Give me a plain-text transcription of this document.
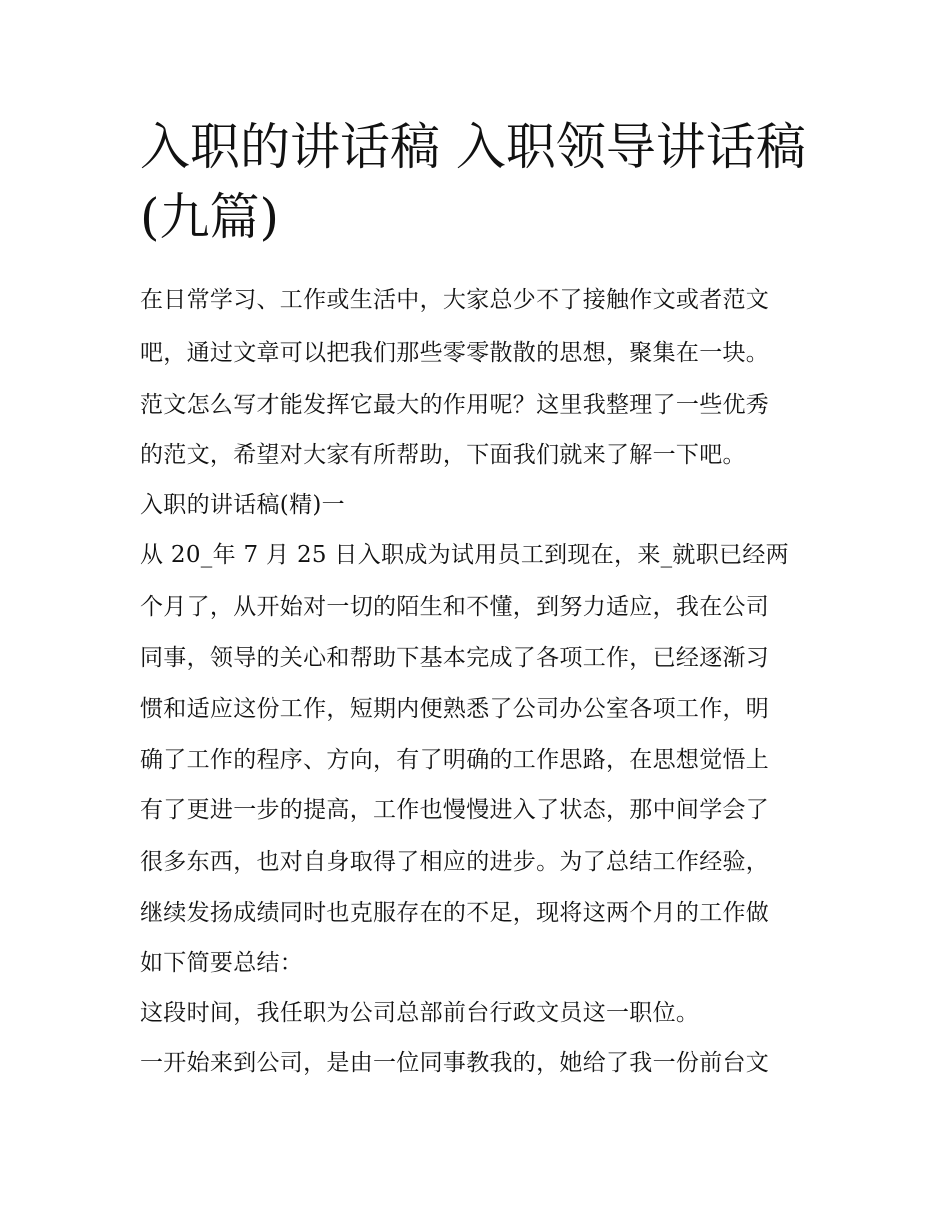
入职的讲话稿 入职领导讲话稿
(九篇)
在日常学习、工作或生活中，大家总少不了接触作文或者范文
吧，通过文章可以把我们那些零零散散的思想，聚集在一块。
范文怎么写才能发挥它最大的作用呢？这里我整理了一些优秀
的范文，希望对大家有所帮助，下面我们就来了解一下吧。
入职的讲话稿(精)一
从 20_年 7 月 25 日入职成为试用员工到现在，来_就职已经两
个月了，从开始对一切的陌生和不懂，到努力适应，我在公司
同事，领导的关心和帮助下基本完成了各项工作，已经逐渐习
惯和适应这份工作，短期内便熟悉了公司办公室各项工作，明
确了工作的程序、方向，有了明确的工作思路，在思想觉悟上
有了更进一步的提高，工作也慢慢进入了状态，那中间学会了
很多东西，也对自身取得了相应的进步。为了总结工作经验，
继续发扬成绩同时也克服存在的不足，现将这两个月的工作做
如下简要总结：
这段时间，我任职为公司总部前台行政文员这一职位。
一开始来到公司，是由一位同事教我的，她给了我一份前台文
